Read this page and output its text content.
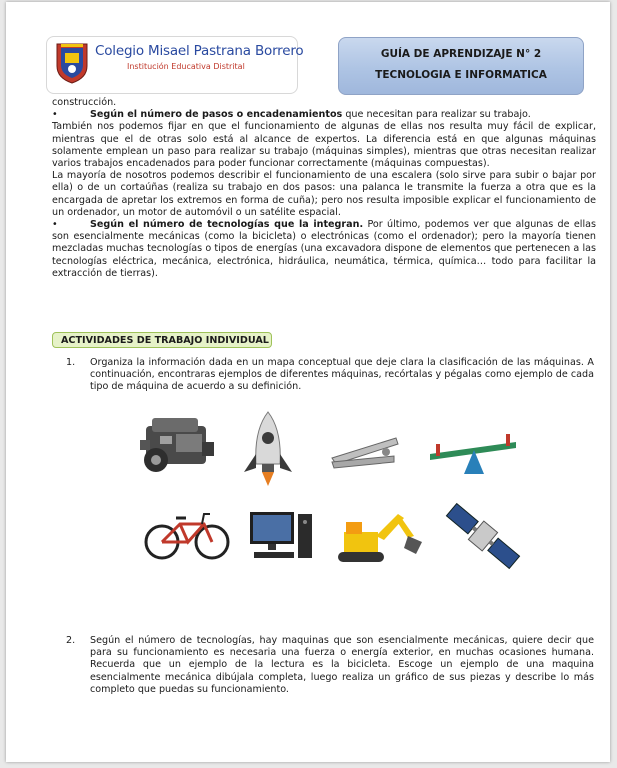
Colegio Misael Pastrana Borrero
Institución Educativa Distrital
GUÍA DE APRENDIZAJE N° 2
TECNOLOGIA E INFORMATICA

construcción.

•	Según el número de pasos o encadenamientos que necesitan para realizar su trabajo.

También nos podemos fijar en que el funcionamiento de algunas de ellas nos resulta muy fácil de explicar, mientras que el de otras solo está al alcance de expertos. La diferencia está en que algunas máquinas solamente emplean un paso para realizar su trabajo (máquinas simples), mientras que otras necesitan realizar varios trabajos encadenados para poder funcionar correctamente (máquinas compuestas).

La mayoría de nosotros podemos describir el funcionamiento de una escalera (solo sirve para subir o bajar por ella) o de un cortaúñas (realiza su trabajo en dos pasos: una palanca le transmite la fuerza a otra que es la encargada de apretar los extremos en forma de cuña); pero nos resulta imposible explicar el funcionamiento de un ordenador, un motor de automóvil o un satélite espacial.

•	Según el número de tecnologías que la integran. Por último, podemos ver que algunas de ellas son esencialmente mecánicas (como la bicicleta) o electrónicas (como el ordenador); pero la mayoría tienen mezcladas muchas tecnologías o tipos de energías (una excavadora dispone de elementos que pertenecen a las tecnologías eléctrica, mecánica, electrónica, hidráulica, neumática, térmica, química… todo para facilitar la extracción de tierras).
ACTIVIDADES DE TRABAJO INDIVIDUAL
1. Organiza la información dada en un mapa conceptual que deje clara la clasificación de las máquinas. A continuación, encontraras ejemplos de diferentes máquinas, recórtalas y pégalas como ejemplo de cada tipo de máquina de acuerdo a su definición.
2. Según el número de tecnologías, hay maquinas que son esencialmente mecánicas, quiere decir que para su funcionamiento es necesaria una fuerza o energía exterior, en muchas ocasiones humana. Recuerda que un ejemplo de la lectura es la bicicleta. Escoge un ejemplo de una maquina esencialmente mecánica dibújala completa, luego realiza un gráfico de sus piezas y describe lo más completo que puedas su funcionamiento.
